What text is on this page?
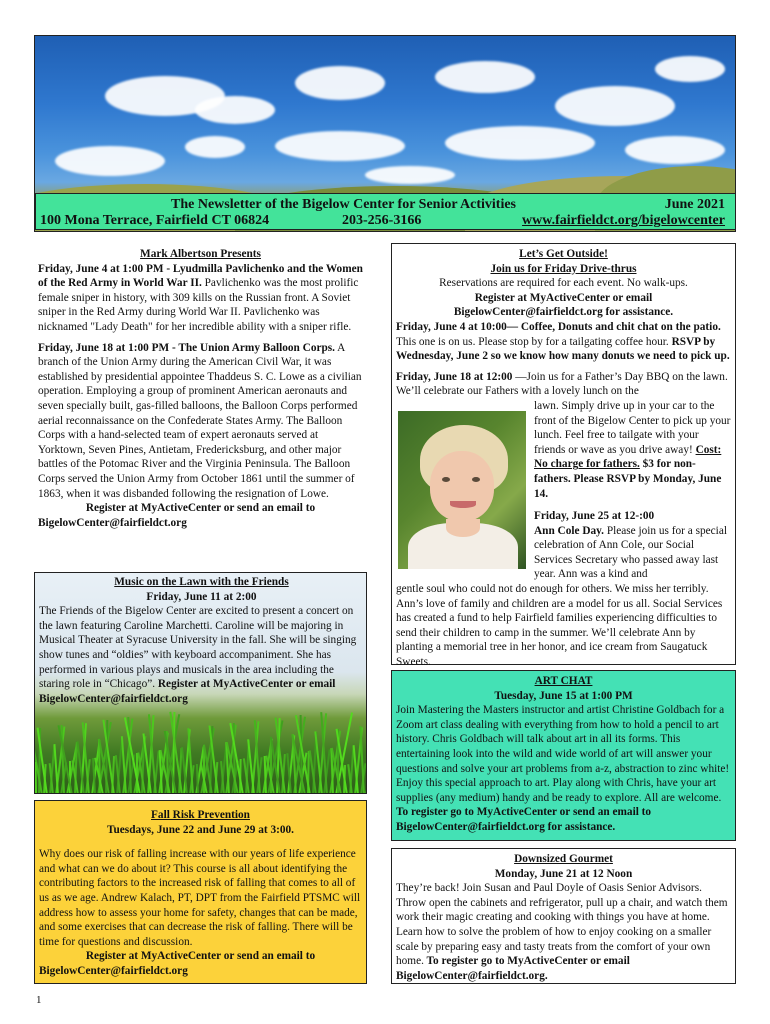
The Newsletter of the Bigelow Center for Senior Activities	June 2021
100 Mona Terrace, Fairfield CT 06824	203-256-3166	www.fairfieldct.org/bigelowcenter
Mark Albertson Presents

Friday, June 4 at 1:00 PM - Lyudmilla Pavlichenko and the Women of the Red Army in World War II. Pavlichenko was the most prolific female sniper in history, with 309 kills on the Russian front. A Soviet sniper in the Red Army during World War II. Pavlichenko was nicknamed "Lady Death" for her incredible ability with a sniper rifle.

Friday, June 18 at 1:00 PM - The Union Army Balloon Corps. A branch of the Union Army during the American Civil War, it was established by presidential appointee Thaddeus S. C. Lowe as a civilian operation. Employing a group of prominent American aeronauts and seven specially built, gas-filled balloons, the Balloon Corps performed aerial reconnaissance on the Confederate States Army. The Balloon Corps with a hand-selected team of expert aeronauts served at Yorktown, Seven Pines, Antietam, Fredericksburg, and other major battles of the Potomac River and the Virginia Peninsula. The Balloon Corps served the Union Army from October 1861 until the summer of 1863, when it was disbanded following the resignation of Lowe.

Register at MyActiveCenter or send an email to

BigelowCenter@fairfieldct.org

Music on the Lawn with the Friends
Friday, June 11 at 2:00

The Friends of the Bigelow Center are excited to present a concert on the lawn featuring Caroline Marchetti. Caroline will be majoring in Musical Theater at Syracuse University in the fall. She will be singing show tunes and “oldies” with keyboard accompaniment. She has performed in various plays and musicals in the area including the staring role in “Chicago”. Register at MyActiveCenter or email BigelowCenter@fairfieldct.org

Fall Risk Prevention
Tuesdays, June 22 and June 29 at 3:00.

Why does our risk of falling increase with our years of life experience and what can we do about it? This course is all about identifying the contributing factors to the increased risk of falling that comes to all of us as we age. Andrew Kalach, PT, DPT from the Fairfield PTSMC will address how to assess your home for safety, changes that can be made, and some exercises that can decrease the risk of falling. There will be time for questions and discussion.

Register at MyActiveCenter or send an email to

BigelowCenter@fairfieldct.org

1
Let’s Get Outside!
Join us for Friday Drive-thrus
Reservations are required for each event. No walk-ups.
Register at MyActiveCenter or email
BigelowCenter@fairfieldct.org for assistance.

Friday, June 4 at 10:00— Coffee, Donuts and chit chat on the patio. This one is on us. Please stop by for a tailgating coffee hour. RSVP by Wednesday, June 2 so we know how many donuts we need to pick up.

Friday, June 18 at 12:00 —Join us for a Father’s Day BBQ on the lawn. We’ll celebrate our Fathers with a lovely lunch on the

lawn. Simply drive up in your car to the front of the Bigelow Center to pick up your lunch. Feel free to tailgate with your friends or wave as you drive away! Cost: No charge for fathers. $3 for non-fathers. Please RSVP by Monday, June 14.
Friday, June 25 at 12-:00
Ann Cole Day. Please join us for a special celebration of Ann Cole, our Social Services Secretary who passed away last year. Ann was a kind and

gentle soul who could not do enough for others. We miss her terribly. Ann’s love of family and children are a model for us all. Social Services has created a fund to help Fairfield families experiencing difficulties to send their children to camp in the summer. We’ll celebrate Ann by planting a memorial tree in her honor, and ice cream from Saugatuck Sweets.

ART CHAT
Tuesday, June 15 at 1:00 PM

Join Mastering the Masters instructor and artist Christine Goldbach for a Zoom art class dealing with everything from how to hold a pencil to art history. Chris Goldbach will talk about art in all its forms. This entertaining look into the wild and wide world of art will answer your questions and solve your art problems from a-z, abstraction to zinc white! Enjoy this special approach to art. Play along with Chris, have your art supplies (any medium) handy and be ready to explore. All are welcome.

To register go to MyActiveCenter or send an email to BigelowCenter@fairfieldct.org for assistance.

Downsized Gourmet
Monday, June 21 at 12 Noon

They’re back! Join Susan and Paul Doyle of Oasis Senior Advisors. Throw open the cabinets and refrigerator, pull up a chair, and watch them work their magic creating and cooking with things you have at home. Learn how to solve the problem of how to enjoy cooking on a smaller scale by preparing easy and tasty treats from the comfort of your own home. To register go to MyActiveCenter or email BigelowCenter@fairfieldct.org.
